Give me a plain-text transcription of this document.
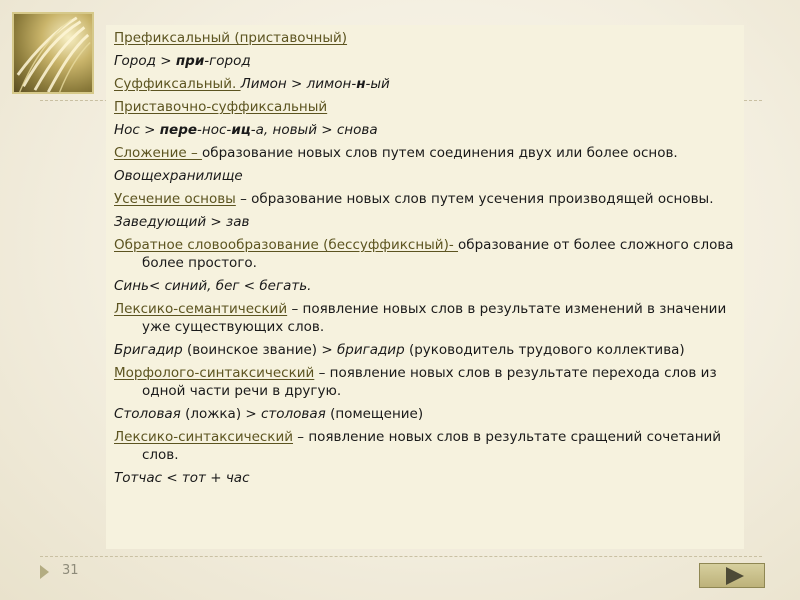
Префиксальный (приставочный)
Город > при-город
Суффиксальный. Лимон > лимон-н-ый
Приставочно-суффиксальный
Нос > пере-нос-иц-а, новый > снова
Сложение – образование новых слов путем соединения двух или более основ.
Овощехранилище
Усечение основы – образование новых слов путем усечения производящей основы.
Заведующий > зав
Обратное словообразование (бессуффиксный)- образование от более сложного слова более простого.
Синь< синий, бег < бегать.
Лексико-семантический – появление новых слов в результате изменений в значении уже существующих слов.
Бригадир (воинское звание) > бригадир (руководитель трудового коллектива)
Морфолого-синтаксический – появление новых слов в результате перехода слов из одной части речи в другую.
Столовая (ложка) > столовая (помещение)
Лексико-синтаксический – появление новых слов в результате сращений сочетаний слов.
Тотчас < тот + час
31
